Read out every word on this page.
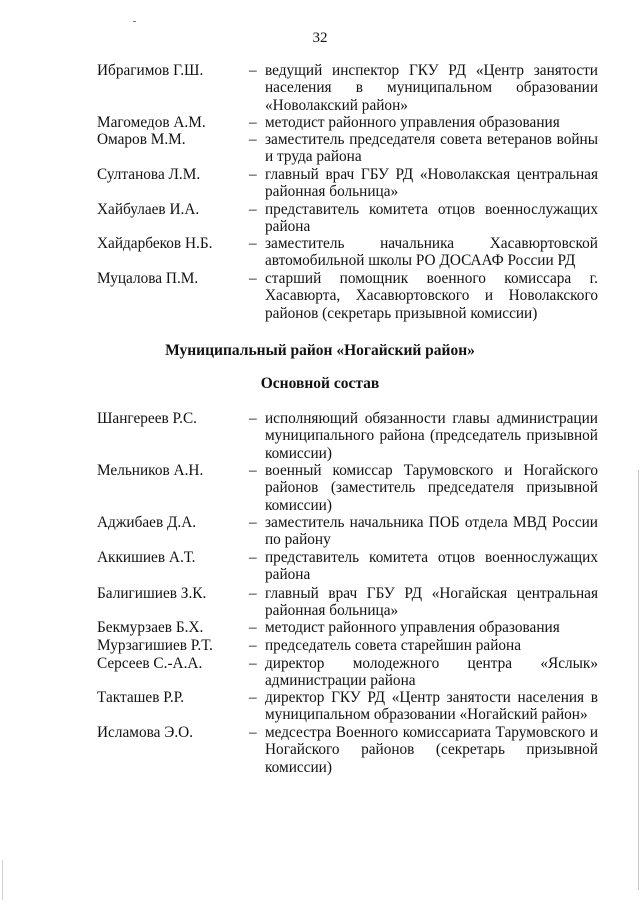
32
Ибрагимов Г.Ш.	– ведущий инспектор ГКУ РД «Центр занятости населения в муниципальном образовании «Новолакский район»
Магомедов А.М.	– методист районного управления образования
Омаров М.М.	– заместитель председателя совета ветеранов войны и труда района
Султанова Л.М.	– главный врач ГБУ РД «Новолакская центральная районная больница»
Хайбулаев И.А.	– представитель комитета отцов военнослужащих района
Хайдарбеков Н.Б. – заместитель начальника Хасавюртовской автомобильной школы РО ДОСААФ России РД
Муцалова П.М.	– старший помощник военного комиссара г. Хасавюрта, Хасавюртовского и Новолакского районов (секретарь призывной комиссии)
Муниципальный район «Ногайский район»
Основной состав
Шангереев Р.С.	– исполняющий обязанности главы администрации муниципального района (председатель призывной комиссии)
Мельников А.Н.	– военный комиссар Тарумовского и Ногайского районов (заместитель председателя призывной комиссии)
Аджибаев Д.А.	– заместитель начальника ПОБ отдела МВД России по району
Аккишиев А.Т.	– представитель комитета отцов военнослужащих района
Балигишиев З.К.	– главный врач ГБУ РД «Ногайская центральная районная больница»
Бекмурзаев Б.Х.	– методист районного управления образования
Мурзагишиев Р.Т. – председатель совета старейшин района
Серсеев С.-А.А.	– директор молодежного центра «Яслык» администрации района
Такташев Р.Р.	– директор ГКУ РД «Центр занятости населения в муниципальном образовании «Ногайский район»
Исламова Э.О.	– медсестра Военного комиссариата Тарумовского и Ногайского районов (секретарь призывной комиссии)
